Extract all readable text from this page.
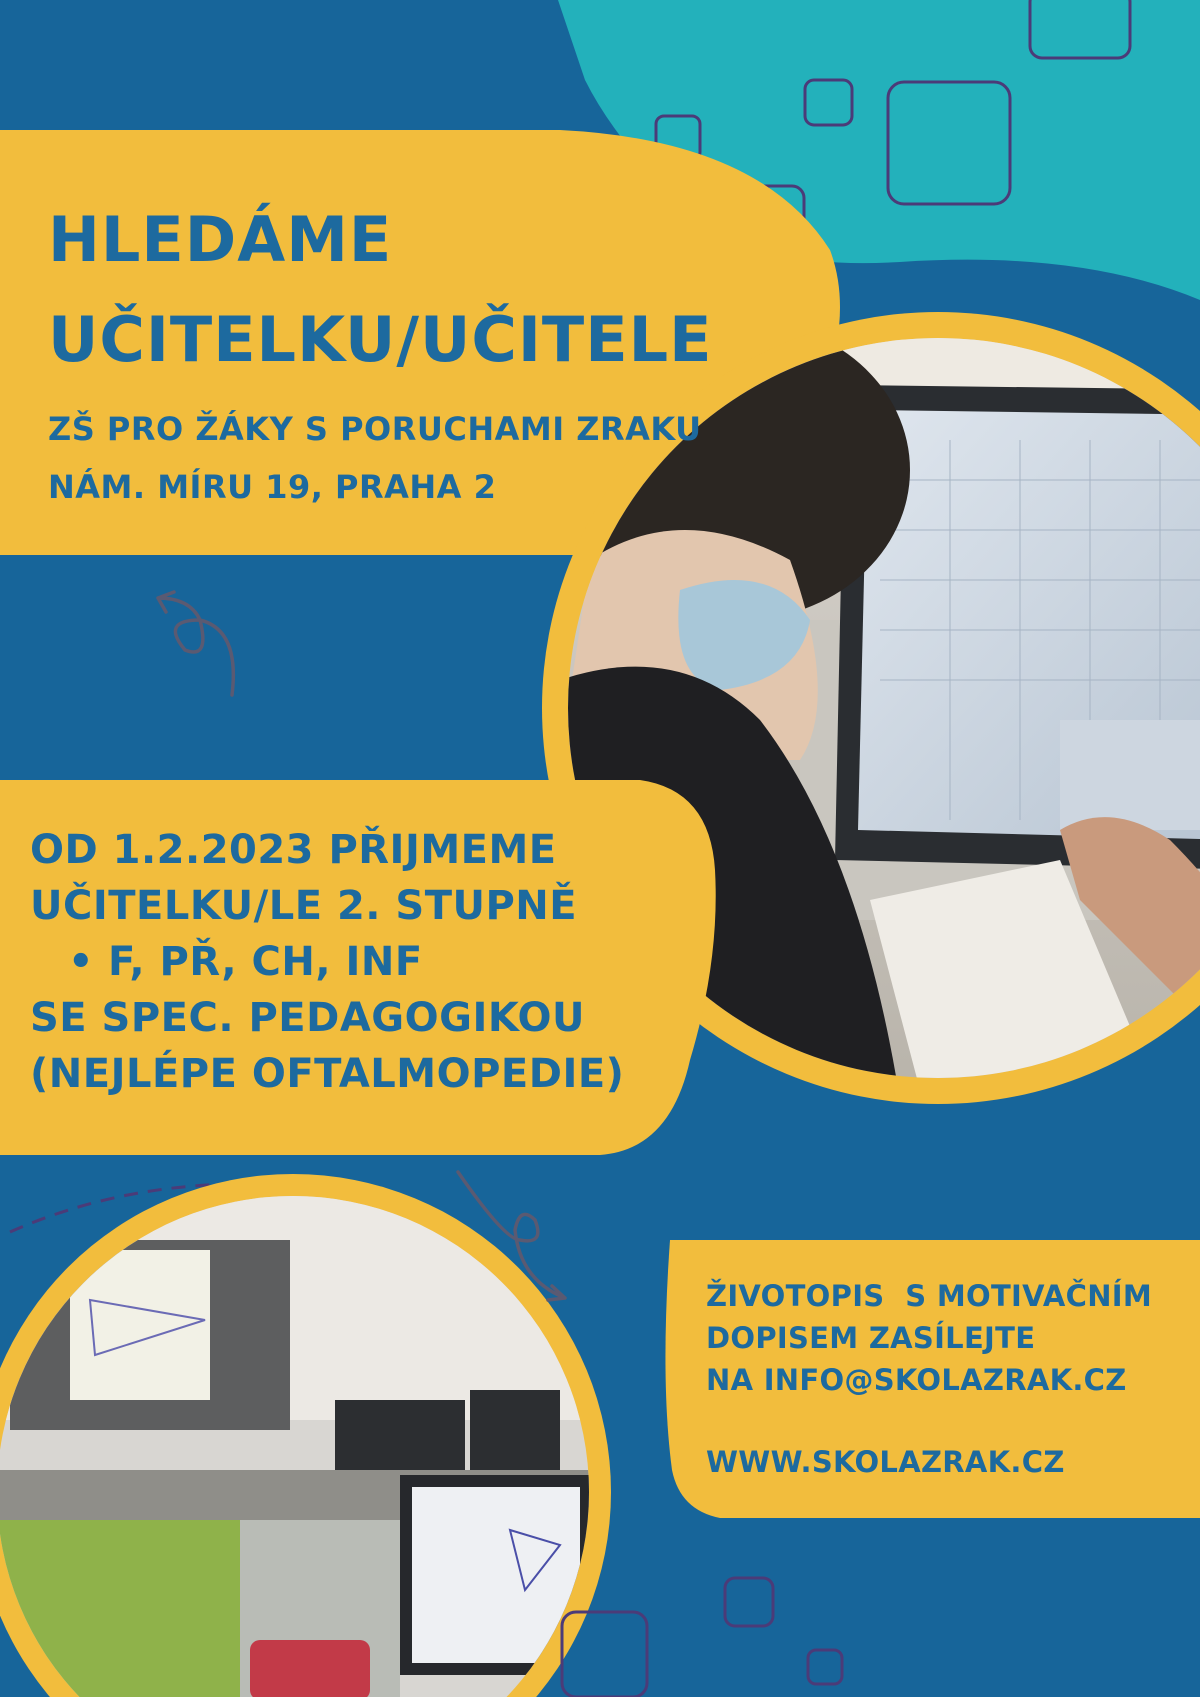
HLEDÁME
UČITELKU/UČITELE
ZŠ PRO ŽÁKY S PORUCHAMI ZRAKU
NÁM. MÍRU 19, PRAHA 2
OD 1.2.2023 PŘIJMEME
UČITELKU/LE 2. STUPNĚ
• F, PŘ, CH, INF
SE SPEC. PEDAGOGIKOU
(NEJLÉPE OFTALMOPEDIE)
ŽIVOTOPIS  S MOTIVAČNÍM
DOPISEM ZASÍLEJTE
NA INFO@SKOLAZRAK.CZ
WWW.SKOLAZRAK.CZ
